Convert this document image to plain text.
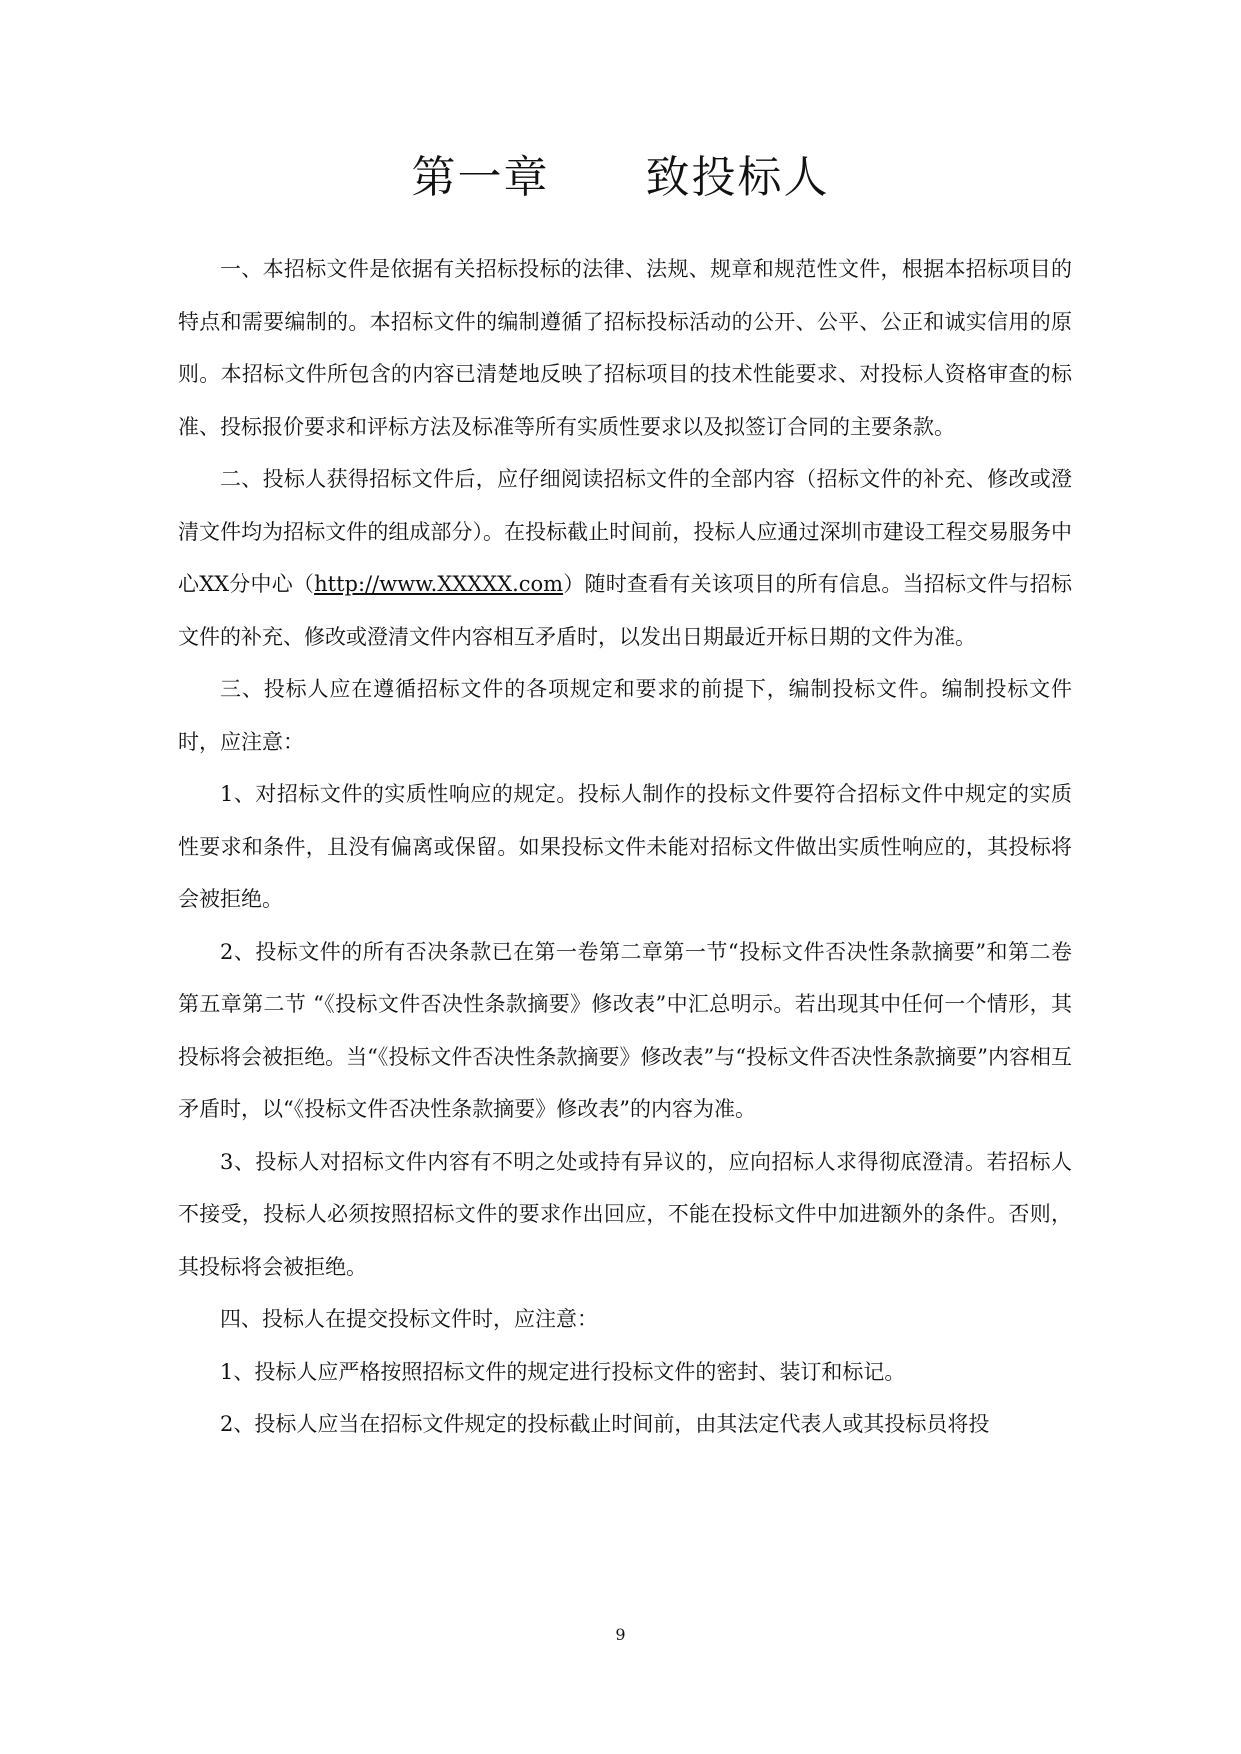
第一章      致投标人

一、本招标文件是依据有关招标投标的法律、法规、规章和规范性文件，根据本招标项目的特点和需要编制的。本招标文件的编制遵循了招标投标活动的公开、公平、公正和诚实信用的原则。本招标文件所包含的内容已清楚地反映了招标项目的技术性能要求、对投标人资格审查的标准、投标报价要求和评标方法及标准等所有实质性要求以及拟签订合同的主要条款。

二、投标人获得招标文件后，应仔细阅读招标文件的全部内容（招标文件的补充、修改或澄清文件均为招标文件的组成部分）。在投标截止时间前，投标人应通过深圳市建设工程交易服务中心XX分中心（http://www.XXXXX.com）随时查看有关该项目的所有信息。当招标文件与招标文件的补充、修改或澄清文件内容相互矛盾时，以发出日期最近开标日期的文件为准。

三、投标人应在遵循招标文件的各项规定和要求的前提下，编制投标文件。编制投标文件时，应注意：

1、对招标文件的实质性响应的规定。投标人制作的投标文件要符合招标文件中规定的实质性要求和条件，且没有偏离或保留。如果投标文件未能对招标文件做出实质性响应的，其投标将会被拒绝。

2、投标文件的所有否决条款已在第一卷第二章第一节“投标文件否决性条款摘要”和第二卷第五章第二节 “《投标文件否决性条款摘要》修改表”中汇总明示。若出现其中任何一个情形，其投标将会被拒绝。当“《投标文件否决性条款摘要》修改表”与“投标文件否决性条款摘要”内容相互矛盾时，以“《投标文件否决性条款摘要》修改表”的内容为准。

3、投标人对招标文件内容有不明之处或持有异议的，应向招标人求得彻底澄清。若招标人不接受，投标人必须按照招标文件的要求作出回应，不能在投标文件中加进额外的条件。否则，其投标将会被拒绝。

四、投标人在提交投标文件时，应注意：

1、投标人应严格按照招标文件的规定进行投标文件的密封、装订和标记。

2、投标人应当在招标文件规定的投标截止时间前，由其法定代表人或其投标员将投

9
